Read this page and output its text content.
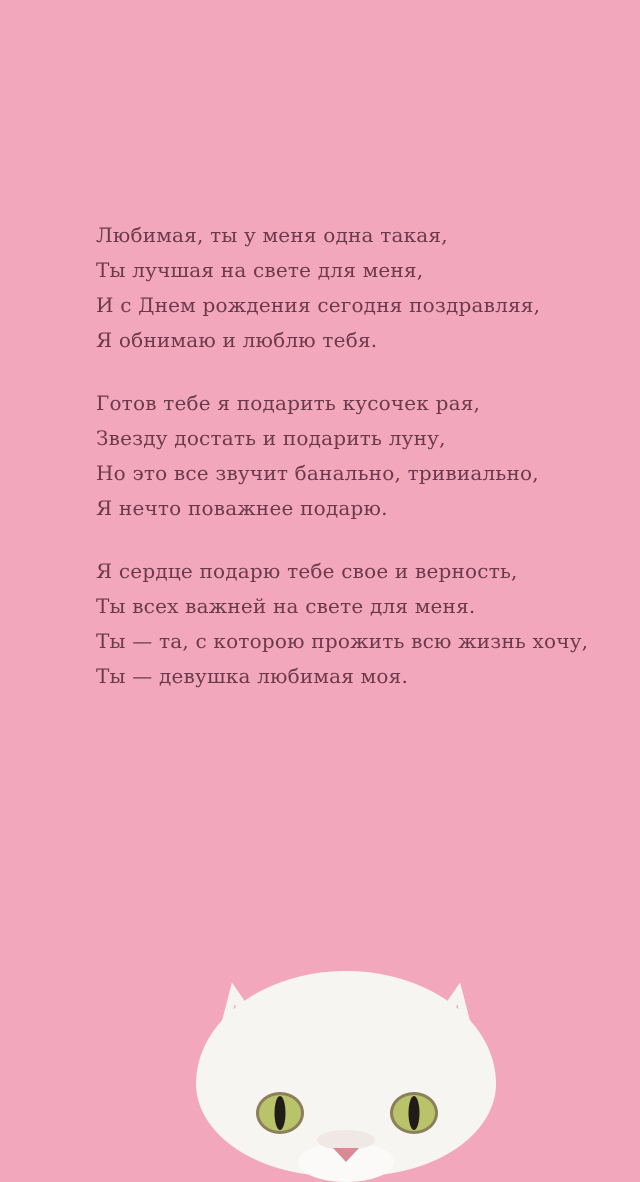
Любимая, ты у меня одна такая,
Ты лучшая на свете для меня,
И с Днем рождения сегодня поздравляя,
Я обнимаю и люблю тебя.
Готов тебе я подарить кусочек рая,
Звезду достать и подарить луну,
Но это все звучит банально, тривиально,
Я нечто поважнее подарю.
Я сердце подарю тебе свое и верность,
Ты всех важней на свете для меня.
Ты — та, с которою прожить всю жизнь хочу,
Ты — девушка любимая моя.
